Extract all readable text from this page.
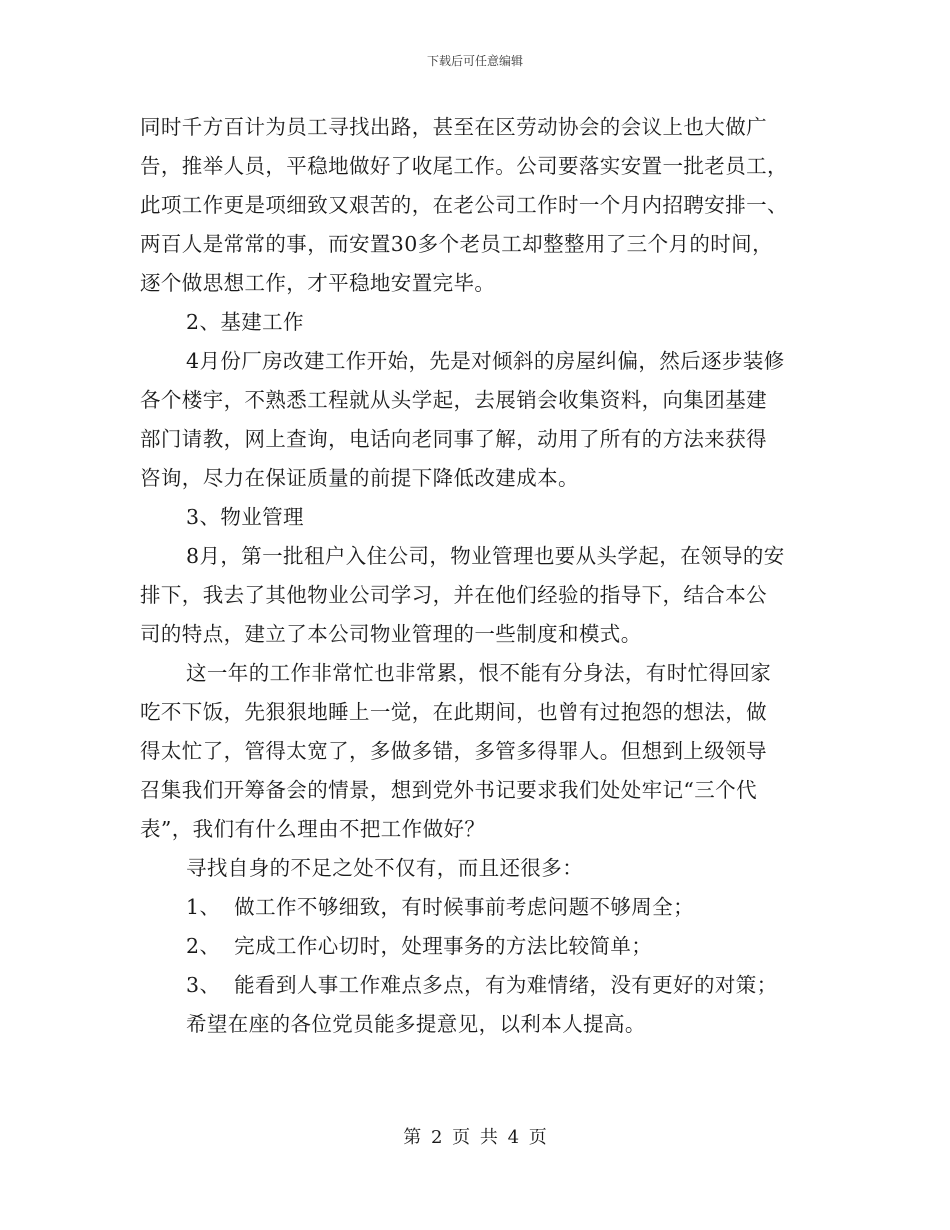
下载后可任意编辑
同时千方百计为员工寻找出路，甚至在区劳动协会的会议上也大做广
告，推举人员，平稳地做好了收尾工作。公司要落实安置一批老员工，
此项工作更是项细致又艰苦的，在老公司工作时一个月内招聘安排一、
两百人是常常的事，而安置30多个老员工却整整用了三个月的时间，
逐个做思想工作，才平稳地安置完毕。
2、基建工作
4月份厂房改建工作开始，先是对倾斜的房屋纠偏，然后逐步装修
各个楼宇，不熟悉工程就从头学起，去展销会收集资料，向集团基建
部门请教，网上查询，电话向老同事了解，动用了所有的方法来获得
咨询，尽力在保证质量的前提下降低改建成本。
3、物业管理
8月，第一批租户入住公司，物业管理也要从头学起，在领导的安
排下，我去了其他物业公司学习，并在他们经验的指导下，结合本公
司的特点，建立了本公司物业管理的一些制度和模式。
这一年的工作非常忙也非常累，恨不能有分身法，有时忙得回家
吃不下饭，先狠狠地睡上一觉，在此期间，也曾有过抱怨的想法，做
得太忙了，管得太宽了，多做多错，多管多得罪人。但想到上级领导
召集我们开筹备会的情景，想到党外书记要求我们处处牢记“三个代
表”，我们有什么理由不把工作做好？
寻找自身的不足之处不仅有，而且还很多：
1、  做工作不够细致，有时候事前考虑问题不够周全；
2、  完成工作心切时，处理事务的方法比较简单；
3、  能看到人事工作难点多点，有为难情绪，没有更好的对策；
希望在座的各位党员能多提意见，以利本人提高。
第 2 页 共 4 页
